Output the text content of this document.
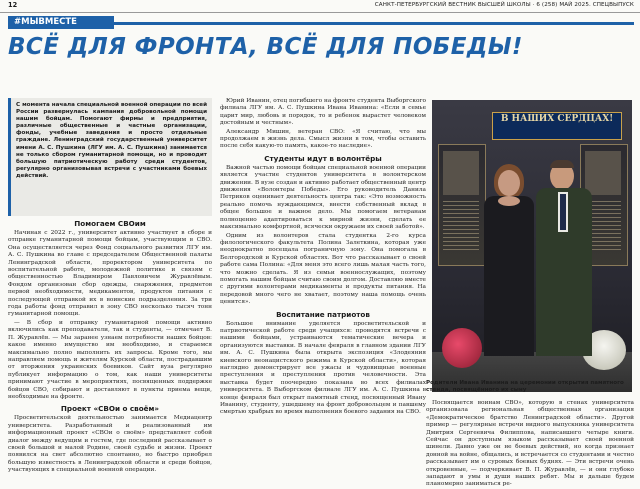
12	САНКТ-ПЕТЕРБУРГСКИЙ ВЕСТНИК ВЫСШЕЙ ШКОЛЫ · 6 (258) МАЙ 2025. СПЕЦВЫПУСК
#МЫВМЕСТЕ
ВСЁ ДЛЯ ФРОНТА, ВСЁ ДЛЯ ПОБЕДЫ!
С момента начала специальной военной операции по всей России развернулась кампания добровольной помощи нашим бойцам. Помогают фирмы и предприятия, различные общественные и частные организации, фонды, учебные заведения и просто отдельные граждане. Ленинградский государственный университет имени А. С. Пушкина (ЛГУ им. А. С. Пушкина) занимается не только сбором гуманитарной помощи, но и проводит большую патриотическую работу среди студентов, регулярно организовывая встречи с участниками боевых действий.
Помогаем СВОим

Начиная с 2022 г., университет активно участвует в сборе и отправке гуманитарной помощи бойцам, участвующим в СВО. Она осуществляется через Фонд социального развития ЛГУ им. А. С. Пушкина во главе с председателем Общественной палаты Ленинградской области, проректором университета по воспитательной работе, молодежной политике и связям с общественностью Владимиром Павловичем Журавлёвым. Фондом организован сбор одежды, снаряжения, предметов первой необходимости, медикаментов, продуктов питания с последующей отправкой их в воинские подразделения. За три года работы фонд отправил в зону СВО несколько тысяч тонн гуманитарной помощи.

— В сбор и отправку гуманитарной помощи активно включились как преподаватели, так и студенты, — отмечает В. П. Журавлёв. — Мы заранее узнаем потребности наших бойцов: какое именно имущество им необходимо, и стараемся максимально полно выполнить их запросы. Кроме того, мы направляем помощь и жителям Курской области, пострадавшим от вторжения украинских боевиков. Сайт вуза регулярно публикует информацию о том, как наши университеты принимают участие в мероприятиях, посвященных поддержке бойцов СВО, собирают и доставляют в пункты приема вещи, необходимые на фронте.

Проект «СВОи о своём»

Просветительской деятельностью занимается Медиацентр университета. Разработанный и реализованный им информационный проект «СВОи о своём» представляет собой диалог между ведущим и гостем, где последний рассказывает о своей большой и малой Родине, своей судьбе и жизни. Проект появился на свет абсолютно спонтанно, но быстро приобрел большую известность в Ленинградской области и среди бойцов, участвующих в специальной военной операции.

Юрий Иванин, отец погибшего на фронте студента Выборгского филиала ЛГУ им. А. С. Пушкина Ивана Иванина: «Если в семье царит мир, любовь и порядок, то и ребенок вырастет человеком достойным и честным».

Александр Мишин, ветеран СВО: «Я считаю, что мы продолжаем в жизнь дела. Смысл жизни в том, чтобы оставить после себя какую-то память, какое-то наследие».

Студенты идут в волонтёры

Важной частью помощи бойцам специальной военной операции является участие студентов университета в волонтерском движении. В вузе создан и активно работает общественный центр движения «Волонтеры Победы». Его руководитель Данила Петриков оценивает деятельность центра так: «Это возможность реально помочь нуждающимся, внести собственный вклад в общее большое и важное дело. Мы помогаем ветеранам полноценно адаптироваться к мирной жизни, сделать ее максимально комфортной, всячески окружаем их своей заботой».

Одним из волонтеров стала студентка 2-го курса филологического факультета Полина Залеткина, которая уже неоднократно посещала пограничную зону. Она помогала в Белгородской и Курской областях. Вот что рассказывает о своей работе сама Полина: «Для меня это всего лишь малая часть того, что можно сделать. Я из семьи военнослужащих, поэтому помогать нашим бойцам считаю своим долгом. Доставляю вместе с другими волонтерами медикаменты и продукты питания. На передовой много чего не хватает, поэтому наша помощь очень ценится».

Воспитание патриотов

Большое внимание уделяется просветительской и патриотической работе среди учащихся: проводятся встречи с нашими бойцами, устраиваются тематические вечера и организуются выставки. В начале февраля в главном здании ЛГУ им. А. С. Пушкина была открыта экспозиция «Злодеяния киевского неонацистского режима в Курской области», которая наглядно демонстрирует все ужасы и чудовищные военные преступления и преступления против человечности. Эта выставка будет поочередно показана во всех филиалах университета. В Выборгском филиале ЛГУ им. А. С. Пушкина в конце февраля был открыт памятный стенд, посвященный Ивану Иванину, студенту, ушедшему на фронт добровольцем и павшему смертью храбрых во время выполнения боевого задания на СВО.

В НАШИХ СЕРДЦАХ!
Родители Ивана Иванина на церемонии открытия памятного стенда, посвящённого их сыну

Посвящается воинам СВО», которую в стенах университета организовала региональная общественная организация «Демократическое братство Ленинградской области». Другой пример — регулярные встречи видного выпускника университета Дмитрия Сергеевича Филиппова, написавшего четыре книги. Сейчас он доступным языком рассказывает своей военной шинели. Давно уже он не боевых действий, но когда признает донной на войне, общались, и встречается со студентами и честно рассказывает им о суровых боевых буднях. — Эти встречи очень откровенные, — подчеркивает В. П. Журавлёв, — и они глубоко западают в умы и души наших ребят. Мы и дальше будем планомерно заниматься ре-
